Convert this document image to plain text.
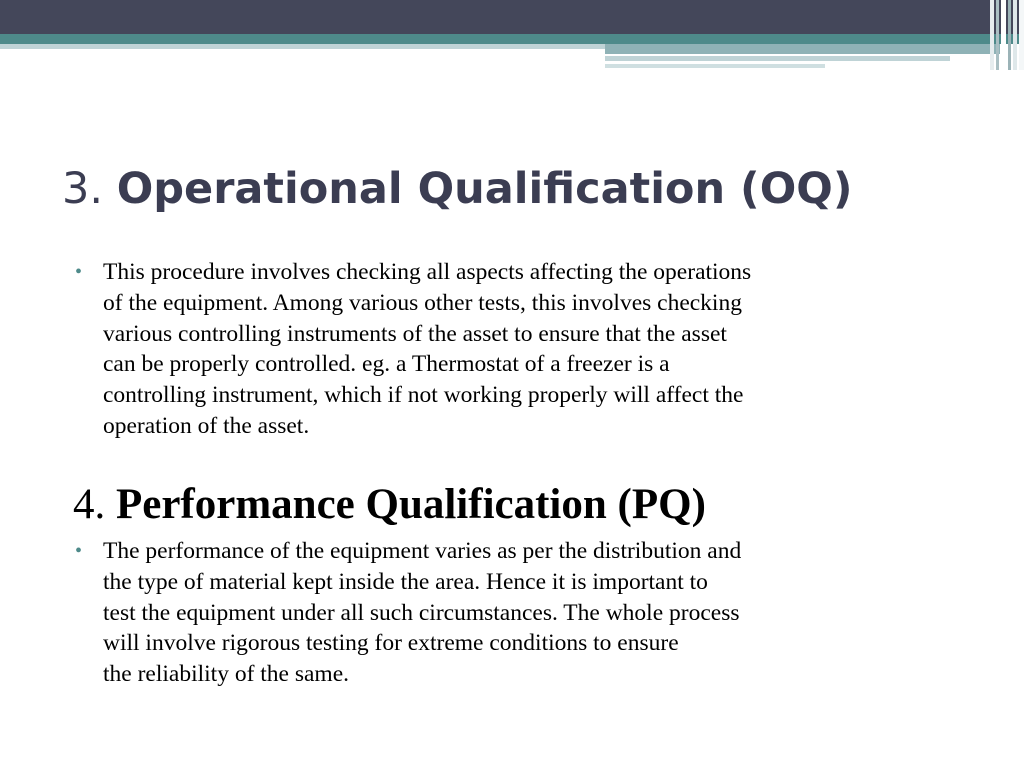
3. Operational Qualification (OQ)
• This procedure involves checking all aspects affecting the operations
of the equipment. Among various other tests, this involves checking
various controlling instruments of the asset to ensure that the asset
can be properly controlled. eg. a Thermostat of a freezer is a
controlling instrument, which if not working properly will affect the
operation of the asset.

4. Performance Qualification (PQ)
• The performance of the equipment varies as per the distribution and
the type of material kept inside the area. Hence it is important to
test the equipment under all such circumstances. The whole process
will involve rigorous testing for extreme conditions to ensure
the reliability of the same.
